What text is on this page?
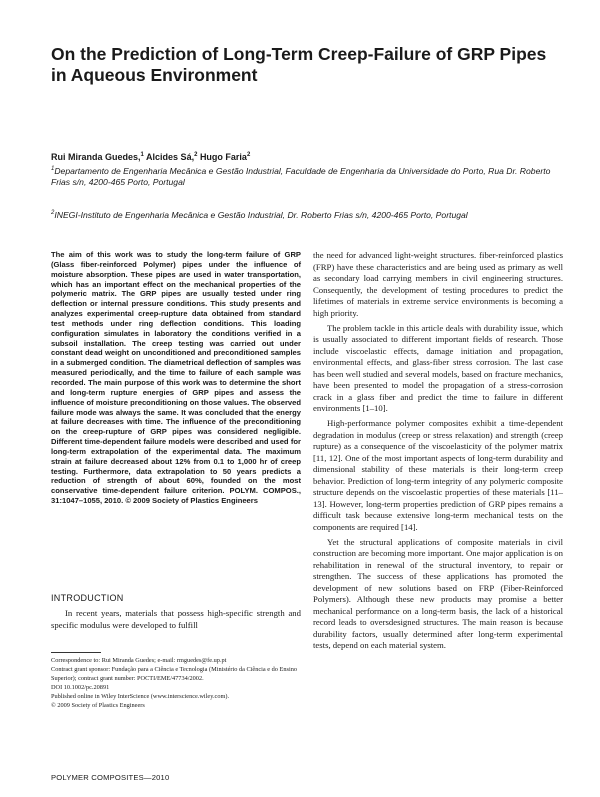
On the Prediction of Long-Term Creep-Failure of GRP Pipes in Aqueous Environment
Rui Miranda Guedes,$^1$ Alcides Sá,$^2$ Hugo Faria$^2$
$^1$Departamento de Engenharia Mecânica e Gestão Industrial, Faculdade de Engenharia da Universidade do Porto, Rua Dr. Roberto Frias s/n, 4200-465 Porto, Portugal
$^2$INEGI-Instituto de Engenharia Mecânica e Gestão Industrial, Dr. Roberto Frias s/n, 4200-465 Porto, Portugal

The aim of this work was to study the long-term failure of GRP (Glass fiber-reinforced Polymer) pipes under the influence of moisture absorption. These pipes are used in water transportation, which has an important effect on the mechanical properties of the polymeric matrix. The GRP pipes are usually tested under ring deflection or internal pressure conditions. This study presents and analyzes experimental creep-rupture data obtained from standard test methods under ring deflection conditions. This loading configuration simulates in laboratory the conditions verified in a subsoil installation. The creep testing was carried out under constant dead weight on unconditioned and preconditioned samples in a submerged condition. The diametrical deflection of samples was measured periodically, and the time to failure of each sample was recorded. The main purpose of this work was to determine the short and long-term rupture energies of GRP pipes and assess the influence of moisture preconditioning on those values. The observed failure mode was always the same. It was concluded that the energy at failure decreases with time. The influence of the preconditioning on the creep-rupture of GRP pipes was considered negligible. Different time-dependent failure models were described and used for long-term extrapolation of the experimental data. The maximum strain at failure decreased about 12% from 0.1 to 1,000 hr of creep testing. Furthermore, data extrapolation to 50 years predicts a reduction of strength of about 60%, founded on the most conservative time-dependent failure criterion. POLYM. COMPOS., 31:1047–1055, 2010. © 2009 Society of Plastics Engineers

INTRODUCTION

In recent years, materials that possess high-specific strength and specific modulus were developed to fulfill

Correspondence to: Rui Miranda Guedes; e-mail: rmguedes@fe.up.pt

Contract grant sponsor: Fundação para a Ciência e Tecnologia (Ministério da Ciência e do Ensino Superior); contract grant number: POCTI/EME/47734/2002.

DOI 10.1002/pc.20891

Published online in Wiley InterScience (www.interscience.wiley.com).

© 2009 Society of Plastics Engineers

POLYMER COMPOSITES—2010

the need for advanced light-weight structures. fiber-reinforced plastics (FRP) have these characteristics and are being used as primary as well as secondary load carrying members in civil engineering structures. Consequently, the development of testing procedures to predict the lifetimes of materials in extreme service environments is becoming a high priority.

The problem tackle in this article deals with durability issue, which is usually associated to different important fields of research. Those include viscoelastic effects, damage initiation and propagation, environmental effects, and glass-fiber stress corrosion. The last case has been well studied and several models, based on fracture mechanics, have been presented to model the propagation of a stress-corrosion crack in a glass fiber and predict the time to failure in different environments [1–10].

High-performance polymer composites exhibit a time-dependent degradation in modulus (creep or stress relaxation) and strength (creep rupture) as a consequence of the viscoelasticity of the polymer matrix [11, 12]. One of the most important aspects of long-term durability and dimensional stability of these materials is their long-term creep behavior. Prediction of long-term integrity of any polymeric composite structure depends on the viscoelastic properties of these materials [11–13]. However, long-term properties prediction of GRP pipes remains a difficult task because extensive long-term mechanical tests on the components are required [14].

Yet the structural applications of composite materials in civil construction are becoming more important. One major application is on rehabilitation in renewal of the structural inventory, to repair or strengthen. The success of these applications has promoted the development of new solutions based on FRP (Fiber-Reinforced Polymers). Although these new products may promise a better mechanical performance on a long-term basis, the lack of a historical record leads to oversdesigned structures. The main reason is because durability factors, usually determined after long-term experimental tests, depend on each material system.
